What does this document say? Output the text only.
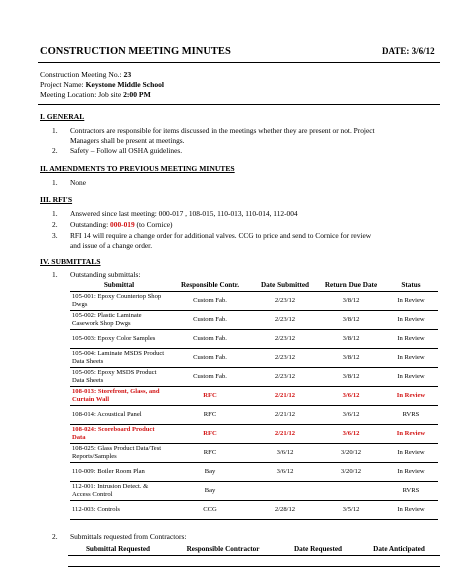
CONSTRUCTION MEETING MINUTES	DATE: 3/6/12
Construction Meeting No.: 23
Project Name: Keystone Middle School
Meeting Location: Job site 2:00 PM
I. GENERAL
1. Contractors are responsible for items discussed in the meetings whether they are present or not. Project
Managers shall be present at meetings.
2. Safety – Follow all OSHA guidelines.
II. AMENDMENTS TO PREVIOUS MEETING MINUTES
1. None
III. RFI'S
1. Answered since last meeting: 000-017 , 108-015, 110-013, 110-014, 112-004
2. Outstanding: 000-019 (to Cornice)
3. RFI 14 will require a change order for additional valves. CCG to price and send to Cornice for review
and issue of a change order.
IV. SUBMITTALS
1. Outstanding submittals:
Submittal	Responsible Contr.	Date Submitted	Return Due Date	Status
105-001: Epoxy Countertop Shop Dwgs	Custom Fab.	2/23/12	3/8/12	In Review
105-002: Plastic Laminate Casework Shop Dwgs	Custom Fab.	2/23/12	3/8/12	In Review
105-003: Epoxy Color Samples	Custom Fab.	2/23/12	3/8/12	In Review
105-004: Laminate MSDS Product Data Sheets	Custom Fab.	2/23/12	3/8/12	In Review
105-005: Epoxy MSDS Product Data Sheets	Custom Fab.	2/23/12	3/8/12	In Review
108-013: Storefront, Glass, and Curtain Wall	RFC	2/21/12	3/6/12	In Review
108-014: Acoustical Panel	RFC	2/21/12	3/6/12	RVRS
108-024: Scoreboard Product Data	RFC	2/21/12	3/6/12	In Review
108-025: Glass Product Data/Test Reports/Samples	RFC	3/6/12	3/20/12	In Review
110-009: Boiler Room Plan	Bay	3/6/12	3/20/12	In Review
112-001: Intrusion Detect. & Access Control	Bay			RVRS
112-003: Controls	CCG	2/28/12	3/5/12	In Review
2. Submittals requested from Contractors:
Submittal Requested	Responsible Contractor	Date Requested	Date Anticipated
